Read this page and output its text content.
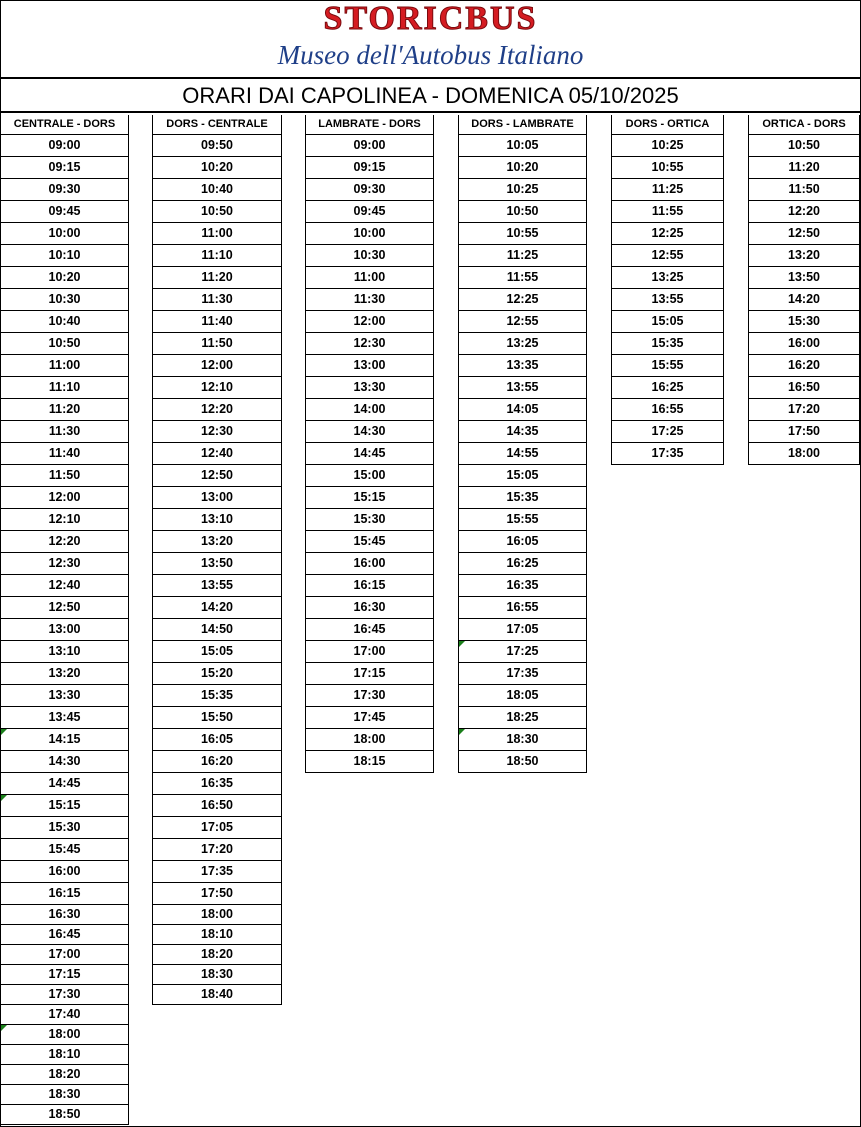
STORICBUS
Museo dell'Autobus Italiano
ORARI DAI CAPOLINEA - DOMENICA 05/10/2025
CENTRALE - DORS
09:00
09:15
09:30
09:45
10:00
10:10
10:20
10:30
10:40
10:50
11:00
11:10
11:20
11:30
11:40
11:50
12:00
12:10
12:20
12:30
12:40
12:50
13:00
13:10
13:20
13:30
13:45
14:15
14:30
14:45
15:15
15:30
15:45
16:00
16:15
16:30
16:45
17:00
17:15
17:30
17:40
18:00
18:10
18:20
18:30
18:50
DORS - CENTRALE
09:50
10:20
10:40
10:50
11:00
11:10
11:20
11:30
11:40
11:50
12:00
12:10
12:20
12:30
12:40
12:50
13:00
13:10
13:20
13:50
13:55
14:20
14:50
15:05
15:20
15:35
15:50
16:05
16:20
16:35
16:50
17:05
17:20
17:35
17:50
18:00
18:10
18:20
18:30
18:40
LAMBRATE - DORS
09:00
09:15
09:30
09:45
10:00
10:30
11:00
11:30
12:00
12:30
13:00
13:30
14:00
14:30
14:45
15:00
15:15
15:30
15:45
16:00
16:15
16:30
16:45
17:00
17:15
17:30
17:45
18:00
18:15
DORS - LAMBRATE
10:05
10:20
10:25
10:50
10:55
11:25
11:55
12:25
12:55
13:25
13:35
13:55
14:05
14:35
14:55
15:05
15:35
15:55
16:05
16:25
16:35
16:55
17:05
17:25
17:35
18:05
18:25
18:30
18:50
DORS - ORTICA
10:25
10:55
11:25
11:55
12:25
12:55
13:25
13:55
15:05
15:35
15:55
16:25
16:55
17:25
17:35
ORTICA - DORS
10:50
11:20
11:50
12:20
12:50
13:20
13:50
14:20
15:30
16:00
16:20
16:50
17:20
17:50
18:00
